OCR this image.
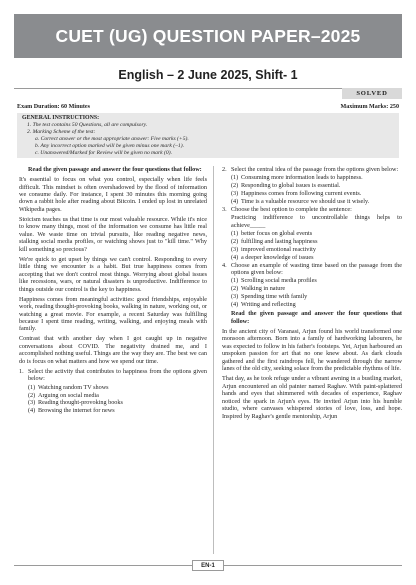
CUET (UG) QUESTION PAPER–2025
English – 2 June 2025, Shift- 1
SOLVED
Exam Duration: 60 Minutes	Maximum Marks: 250
GENERAL INSTRUCTIONS:
1. The test contains 50 Questions, all are compulsory.
2. Marking Scheme of the test:
a. Correct answer or the most appropriate answer: Five marks (+5).
b. Any incorrect option marked will be given minus one mark (–1).
c. Unanswered/Marked for Review will be given no mark (0).

Read the given passage and answer the four questions that follow:

It's essential to focus on what you control, especially when life feels difficult. This mindset is often overshadowed by the flood of information we consume daily. For instance, I spent 30 minutes this morning going down a rabbit hole after reading about Bitcoin. I ended up lost in unrelated Wikipedia pages.

Stoicism teaches us that time is our most valuable resource. While it's nice to know many things, most of the information we consume has little real value. We waste time on trivial pursuits, like reading negative news, stalking social media profiles, or watching shows just to "kill time." Why kill something so precious?

We're quick to get upset by things we can't control. Responding to every little thing we encounter is a habit. But true happiness comes from accepting that we don't control most things. Worrying about global issues like recessions, wars, or natural disasters is unproductive. Indifference to things outside our control is the key to happiness.

Happiness comes from meaningful activities: good friendships, enjoyable work, reading thought-provoking books, walking in nature, working out, or watching a great movie. For example, a recent Saturday was fulfilling because I spent time reading, writing, walking, and enjoying meals with family.

Contrast that with another day when I got caught up in negative conversations about COVID. The negativity drained me, and I accomplished nothing useful. Things are the way they are. The best we can do is focus on what matters and how we spend our time.

1. Select the activity that contributes to happiness from the options given below:
(1) Watching random TV shows
(2) Arguing on social media
(3) Reading thought-provoking books
(4) Browsing the internet for news
2. Select the central idea of the passage from the options given below:
(1) Consuming more information leads to happiness.
(2) Responding to global issues is essential.
(3) Happiness comes from following current events.
(4) Time is a valuable resource we should use it wisely.
3. Choose the best option to complete the sentence:
Practicing indifference to uncontrollable things helps to achieve_____
(1) better focus on global events
(2) fulfilling and lasting happiness
(3) improved emotional reactivity
(4) a deeper knowledge of issues
4. Choose an example of wasting time based on the passage from the options given below:
(1) Scrolling social media profiles
(2) Walking in nature
(3) Spending time with family
(4) Writing and reflecting

Read the given passage and answer the four questions that follow:

In the ancient city of Varanasi, Arjun found his world transformed one monsoon afternoon. Born into a family of hardworking labourers, he was expected to follow in his father's footsteps. Yet, Arjun harboured an unspoken passion for art that no one knew about. As dark clouds gathered and the first raindrops fell, he wandered through the narrow lanes of the old city, seeking solace from the predictable rhythms of life.

That day, as he took refuge under a vibrant awning in a bustling market, Arjun encountered an old painter named Raghav. With paint-splattered hands and eyes that shimmered with decades of experience, Raghav noticed the spark in Arjun's eyes. He invited Arjun into his humble studio, where canvases whispered stories of love, loss, and hope. Inspired by Raghav's gentle mentorship, Arjun

EN-1
